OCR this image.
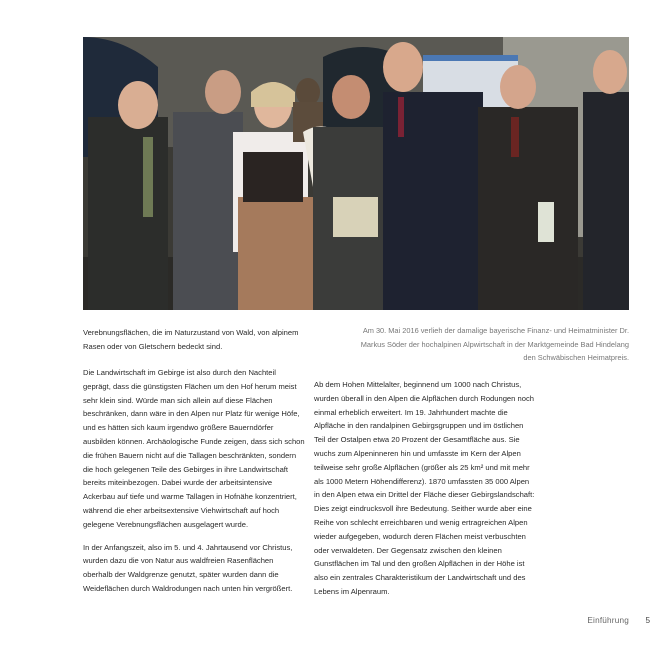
Verebnungsflächen, die im Naturzustand von Wald, von alpinem Rasen oder von Gletschern bedeckt sind.

Am 30. Mai 2016 verlieh der damalige bayerische Finanz- und Heimatminister Dr. Markus Söder der hochalpinen Alpwirtschaft in der Marktgemeinde Bad Hindelang den Schwäbischen Heimatpreis.

Die Landwirtschaft im Gebirge ist also durch den Nachteil geprägt, dass die günstigsten Flächen um den Hof herum meist sehr klein sind. Würde man sich allein auf diese Flächen beschränken, dann wäre in den Alpen nur Platz für wenige Höfe, und es hätten sich kaum irgendwo größere Bauerndörfer ausbilden können. Archäologische Funde zeigen, dass sich schon die frühen Bauern nicht auf die Tallagen beschränkten, sondern die hoch gelegenen Teile des Gebirges in ihre Landwirtschaft bereits miteinbezogen. Dabei wurde der arbeitsintensive Ackerbau auf tiefe und warme Tallagen in Hofnähe konzentriert, während die eher arbeitsextensive Viehwirtschaft auf hoch gelegene Verebnungsflächen ausgelagert wurde.

In der Anfangszeit, also im 5. und 4. Jahrtausend vor Christus, wurden dazu die von Natur aus waldfreien Rasenflächen oberhalb der Waldgrenze genutzt, später wurden dann die Weideflächen durch Waldrodungen nach unten hin vergrößert.

Ab dem Hohen Mittelalter, beginnend um 1000 nach Christus, wurden überall in den Alpen die Alpflächen durch Rodungen noch einmal erheblich erweitert. Im 19. Jahrhundert machte die Alpfläche in den randalpinen Gebirgsgruppen und im östlichen Teil der Ostalpen etwa 20 Prozent der Gesamtfläche aus. Sie wuchs zum Alpeninneren hin und umfasste im Kern der Alpen teilweise sehr große Alpflächen (größer als 25 km² und mit mehr als 1000 Metern Höhendifferenz). 1870 umfassten 35 000 Alpen in den Alpen etwa ein Drittel der Fläche dieser Gebirgslandschaft: Dies zeigt eindrucksvoll ihre Bedeutung. Seither wurde aber eine Reihe von schlecht erreichbaren und wenig ertragreichen Alpen wieder aufgegeben, wodurch deren Flächen meist verbuschten oder verwaldeten. Der Gegensatz zwischen den kleinen Gunstflächen im Tal und den großen Alpflächen in der Höhe ist also ein zentrales Charakteristikum der Landwirtschaft und des Lebens im Alpenraum.

Einführung 5
